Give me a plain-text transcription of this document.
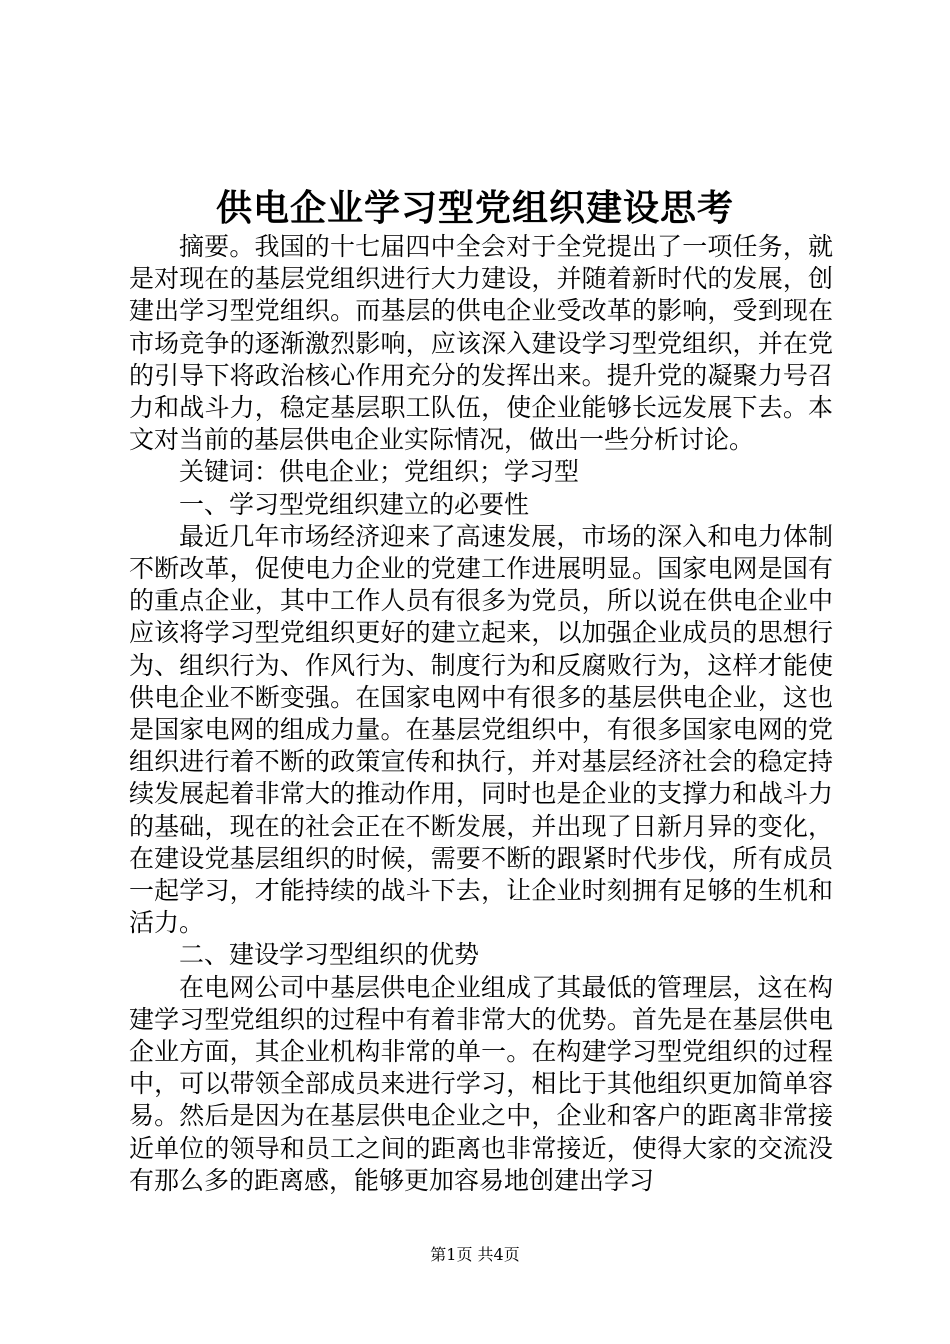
供电企业学习型党组织建设思考

摘要。我国的十七届四中全会对于全党提出了一项任务，就是对现在的基层党组织进行大力建设，并随着新时代的发展，创建出学习型党组织。而基层的供电企业受改革的影响，受到现在市场竞争的逐渐激烈影响，应该深入建设学习型党组织，并在党的引导下将政治核心作用充分的发挥出来。提升党的凝聚力号召力和战斗力，稳定基层职工队伍，使企业能够长远发展下去。本文对当前的基层供电企业实际情况，做出一些分析讨论。

关键词：供电企业；党组织；学习型

一、学习型党组织建立的必要性

最近几年市场经济迎来了高速发展，市场的深入和电力体制不断改革，促使电力企业的党建工作进展明显。国家电网是国有的重点企业，其中工作人员有很多为党员，所以说在供电企业中应该将学习型党组织更好的建立起来，以加强企业成员的思想行为、组织行为、作风行为、制度行为和反腐败行为，这样才能使供电企业不断变强。在国家电网中有很多的基层供电企业，这也是国家电网的组成力量。在基层党组织中，有很多国家电网的党组织进行着不断的政策宣传和执行，并对基层经济社会的稳定持续发展起着非常大的推动作用，同时也是企业的支撑力和战斗力的基础，现在的社会正在不断发展，并出现了日新月异的变化，在建设党基层组织的时候，需要不断的跟紧时代步伐，所有成员一起学习，才能持续的战斗下去，让企业时刻拥有足够的生机和活力。

二、建设学习型组织的优势

在电网公司中基层供电企业组成了其最低的管理层，这在构建学习型党组织的过程中有着非常大的优势。首先是在基层供电企业方面，其企业机构非常的单一。在构建学习型党组织的过程中，可以带领全部成员来进行学习，相比于其他组织更加简单容易。然后是因为在基层供电企业之中，企业和客户的距离非常接近单位的领导和员工之间的距离也非常接近，使得大家的交流没有那么多的距离感，能够更加容易地创建出学习

第1页 共4页
